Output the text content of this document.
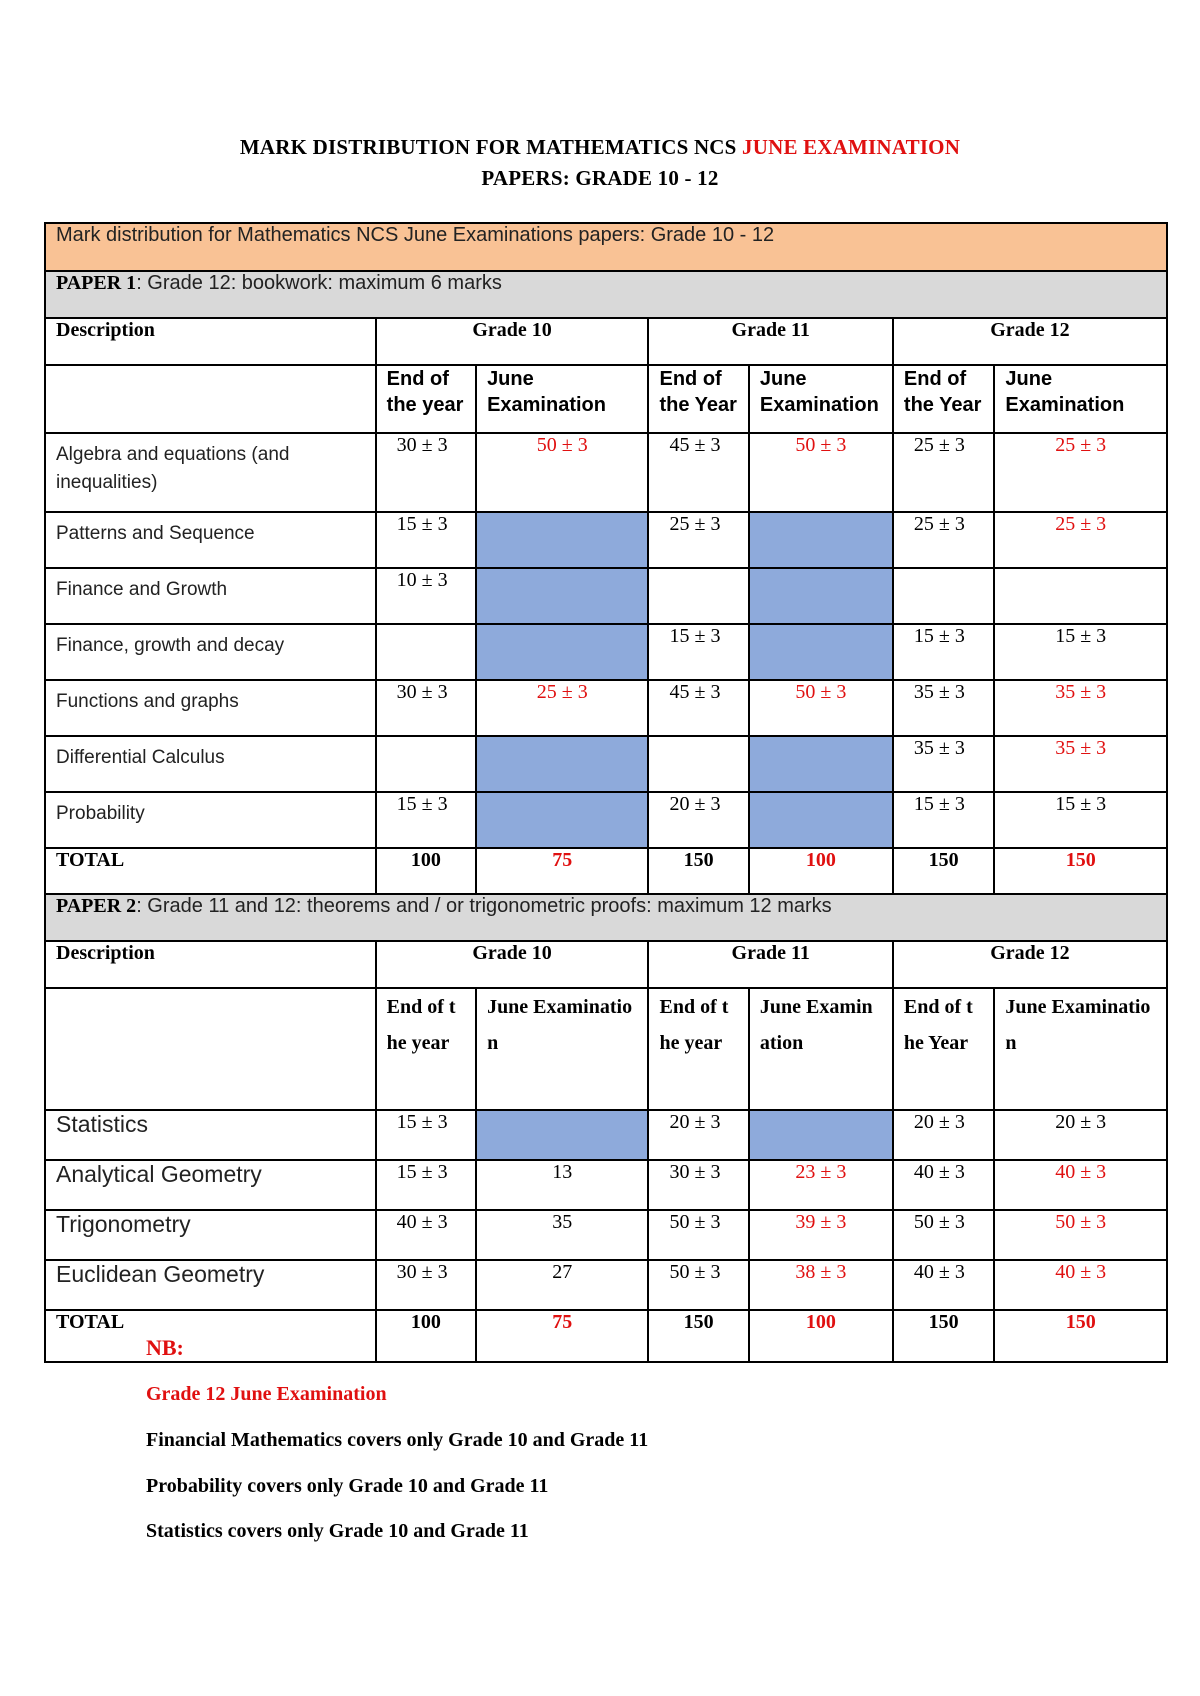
MARK DISTRIBUTION FOR MATHEMATICS NCS JUNE EXAMINATION
PAPERS: GRADE 10 - 12
Mark distribution for Mathematics NCS June Examinations papers: Grade 10 - 12						
PAPER 1: Grade 12: bookwork: maximum 6 marks						
Description	Grade 10		Grade 11		Grade 12	
	End of the year	June Examination	End of the Year	June Examination	End of the Year	June Examination
Algebra and equations (and inequalities)	30 ± 3	50 ± 3	45 ± 3	50 ± 3	25 ± 3	25 ± 3
Patterns and Sequence	15 ± 3		25 ± 3		25 ± 3	25 ± 3
Finance and Growth	10 ± 3					
Finance, growth and decay			15 ± 3		15 ± 3	15 ± 3
Functions and graphs	30 ± 3	25 ± 3	45 ± 3	50 ± 3	35 ± 3	35 ± 3
Differential Calculus					35 ± 3	35 ± 3
Probability	15 ± 3		20 ± 3		15 ± 3	15 ± 3
TOTAL	100	75	150	100	150	150
PAPER 2: Grade 11 and 12: theorems and / or trigonometric proofs: maximum 12 marks						
Description	Grade 10		Grade 11		Grade 12	
	End of the year	June Examination	End of the year	June Examination	End of the Year	June Examination
Statistics	15 ± 3		20 ± 3		20 ± 3	20 ± 3
Analytical Geometry	15 ± 3	13	30 ± 3	23 ± 3	40 ± 3	40 ± 3
Trigonometry	40 ± 3	35	50 ± 3	39 ± 3	50 ± 3	50 ± 3
Euclidean Geometry	30 ± 3	27	50 ± 3	38 ± 3	40 ± 3	40 ± 3
TOTAL	100	75	150	100	150	150
NB:
Grade 12 June Examination
Financial Mathematics covers only Grade 10 and Grade 11
Probability covers only Grade 10 and Grade 11
Statistics covers only Grade 10 and Grade 11
